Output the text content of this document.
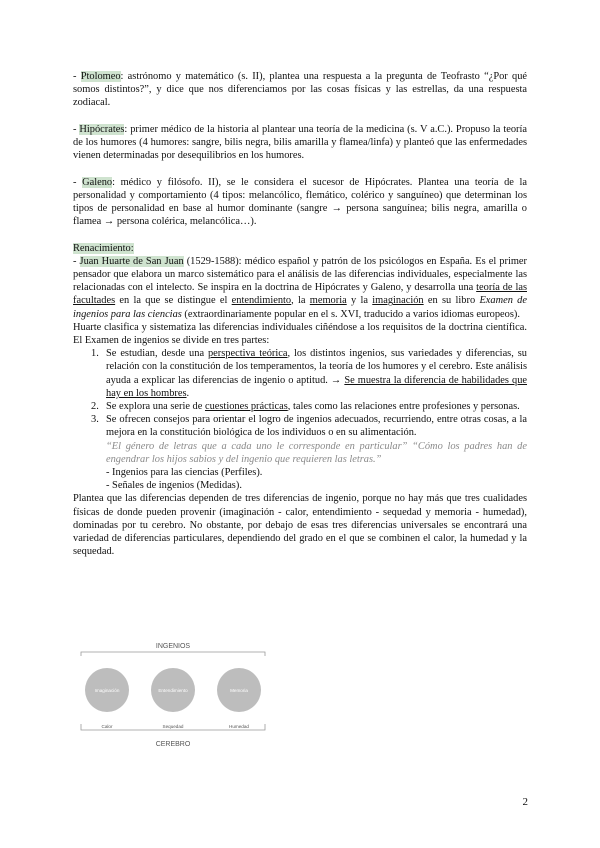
- Ptolomeo: astrónomo y matemático (s. II), plantea una respuesta a la pregunta de Teofrasto “¿Por qué somos distintos?”, y dice que nos diferenciamos por las cosas físicas y las estrellas, da una respuesta zodiacal.

- Hipócrates: primer médico de la historia al plantear una teoría de la medicina (s. V a.C.). Propuso la teoría de los humores (4 humores: sangre, bilis negra, bilis amarilla y flamea/linfa) y planteó que las enfermedades vienen determinadas por desequilibrios en los humores.

- Galeno: médico y filósofo. II), se le considera el sucesor de Hipócrates. Plantea una teoría de la personalidad y comportamiento (4 tipos: melancólico, flemático, colérico y sanguíneo) que determinan los tipos de personalidad en base al humor dominante (sangre → persona sanguínea; bilis negra, amarilla o flamea → persona colérica, melancólica…).

Renacimiento:

- Juan Huarte de San Juan (1529-1588): médico español y patrón de los psicólogos en España. Es el primer pensador que elabora un marco sistemático para el análisis de las diferencias individuales, especialmente las relacionadas con el intelecto. Se inspira en la doctrina de Hipócrates y Galeno, y desarrolla una teoría de las facultades en la que se distingue el entendimiento, la memoria y la imaginación en su libro Examen de ingenios para las ciencias (extraordinariamente popular en el s. XVI, traducido a varios idiomas europeos).

Huarte clasifica y sistematiza las diferencias individuales ciñéndose a los requisitos de la doctrina científica. El Examen de ingenios se divide en tres partes:

1. Se estudian, desde una perspectiva teórica, los distintos ingenios, sus variedades y diferencias, su relación con la constitución de los temperamentos, la teoría de los humores y el cerebro. Este análisis ayuda a explicar las diferencias de ingenio o aptitud. → Se muestra la diferencia de habilidades que hay en los hombres.
2. Se explora una serie de cuestiones prácticas, tales como las relaciones entre profesiones y personas.
3. Se ofrecen consejos para orientar el logro de ingenios adecuados, recurriendo, entre otras cosas, a la mejora en la constitución biológica de los individuos o en su alimentación.

“El género de letras que a cada uno le corresponde en particular” “Cómo los padres han de engendrar los hijos sabios y del ingenio que requieren las letras.”

- Ingenios para las ciencias (Perfiles).

- Señales de ingenios (Medidas).

Plantea que las diferencias dependen de tres diferencias de ingenio, porque no hay más que tres cualidades físicas de donde pueden provenir (imaginación - calor, entendimiento - sequedad y memoria - humedad), dominadas por tu cerebro. No obstante, por debajo de esas tres diferencias universales se encontrará una variedad de diferencias particulares, dependiendo del grado en el que se combinen el calor, la humedad y la sequedad.

INGENIOS
Imaginación	Entendimiento	Memoria
Calor	Sequedad	Humedad
CEREBRO
2
